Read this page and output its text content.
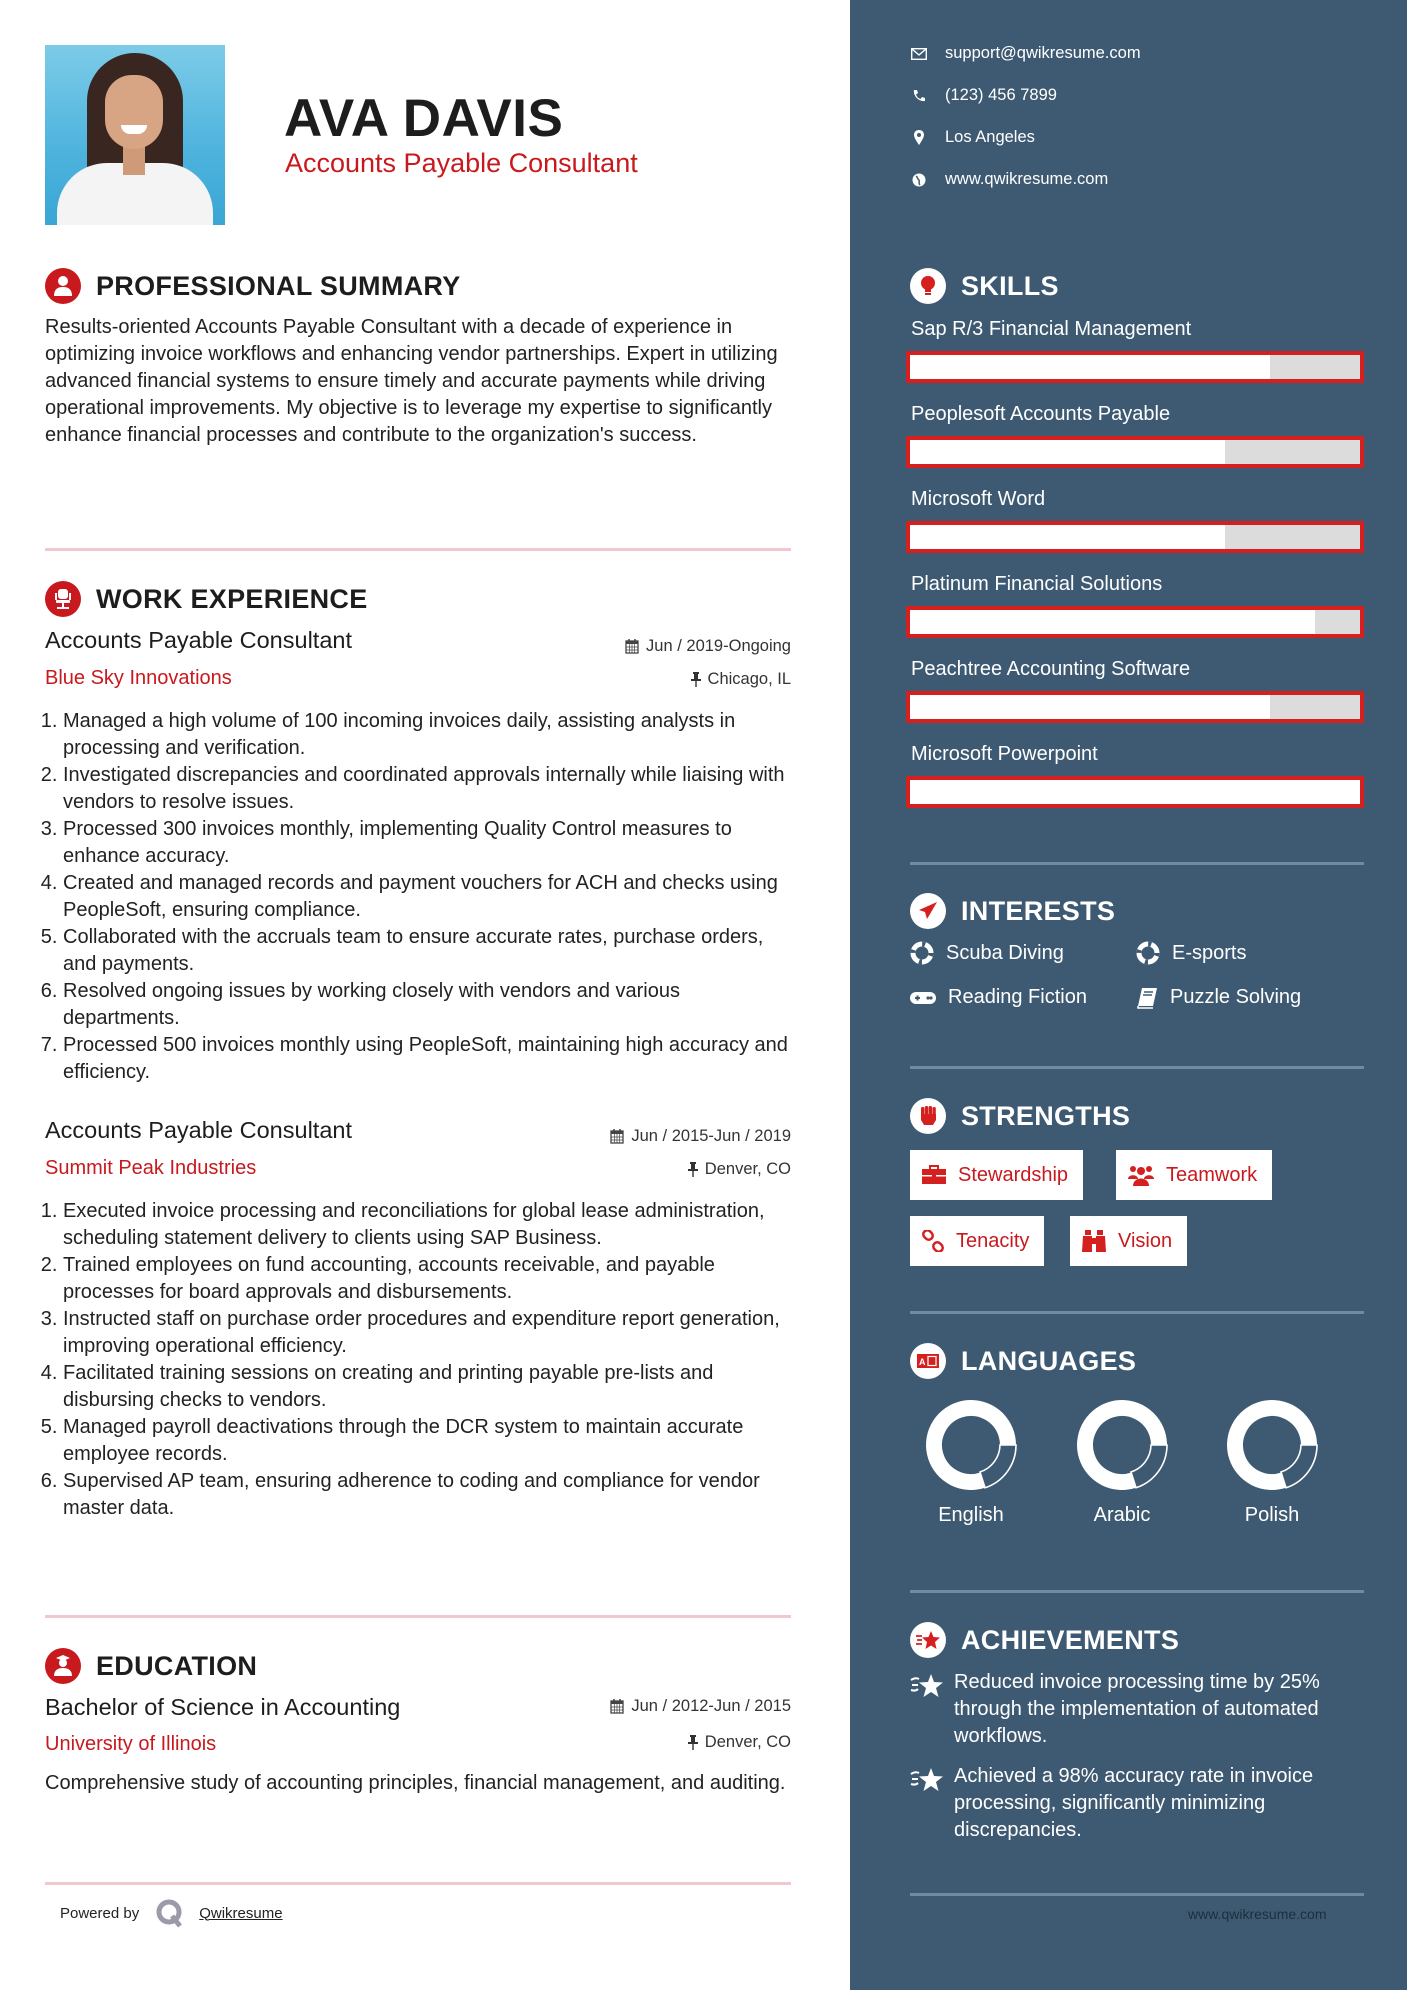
AVA DAVIS
Accounts Payable Consultant
PROFESSIONAL SUMMARY
Results-oriented Accounts Payable Consultant with a decade of experience in optimizing invoice workflows and enhancing vendor partnerships. Expert in utilizing advanced financial systems to ensure timely and accurate payments while driving operational improvements. My objective is to leverage my expertise to significantly enhance financial processes and contribute to the organization's success.
WORK EXPERIENCE
Accounts Payable Consultant	Jun / 2019-Ongoing
Blue Sky Innovations	Chicago, IL
1. Managed a high volume of 100 incoming invoices daily, assisting analysts in processing and verification.
2. Investigated discrepancies and coordinated approvals internally while liaising with vendors to resolve issues.
3. Processed 300 invoices monthly, implementing Quality Control measures to enhance accuracy.
4. Created and managed records and payment vouchers for ACH and checks using PeopleSoft, ensuring compliance.
5. Collaborated with the accruals team to ensure accurate rates, purchase orders, and payments.
6. Resolved ongoing issues by working closely with vendors and various departments.
7. Processed 500 invoices monthly using PeopleSoft, maintaining high accuracy and efficiency.
Accounts Payable Consultant	Jun / 2015-Jun / 2019
Summit Peak Industries	Denver, CO
1. Executed invoice processing and reconciliations for global lease administration, scheduling statement delivery to clients using SAP Business.
2. Trained employees on fund accounting, accounts receivable, and payable processes for board approvals and disbursements.
3. Instructed staff on purchase order procedures and expenditure report generation, improving operational efficiency.
4. Facilitated training sessions on creating and printing payable pre-lists and disbursing checks to vendors.
5. Managed payroll deactivations through the DCR system to maintain accurate employee records.
6. Supervised AP team, ensuring adherence to coding and compliance for vendor master data.
EDUCATION
Bachelor of Science in Accounting	Jun / 2012-Jun / 2015
University of Illinois	Denver, CO
Comprehensive study of accounting principles, financial management, and auditing.
Powered by	Qwikresume
support@qwikresume.com
(123) 456 7899
Los Angeles
www.qwikresume.com
SKILLS
Sap R/3 Financial Management
Peoplesoft Accounts Payable
Microsoft Word
Platinum Financial Solutions
Peachtree Accounting Software
Microsoft Powerpoint
INTERESTS
Scuba Diving	E-sports
Reading Fiction	Puzzle Solving
STRENGTHS
Stewardship	Teamwork
Tenacity	Vision
A LANGUAGES
English	Arabic	Polish
ACHIEVEMENTS
Reduced invoice processing time by 25% through the implementation of automated workflows.
Achieved a 98% accuracy rate in invoice processing, significantly minimizing discrepancies.
www.qwikresume.com
